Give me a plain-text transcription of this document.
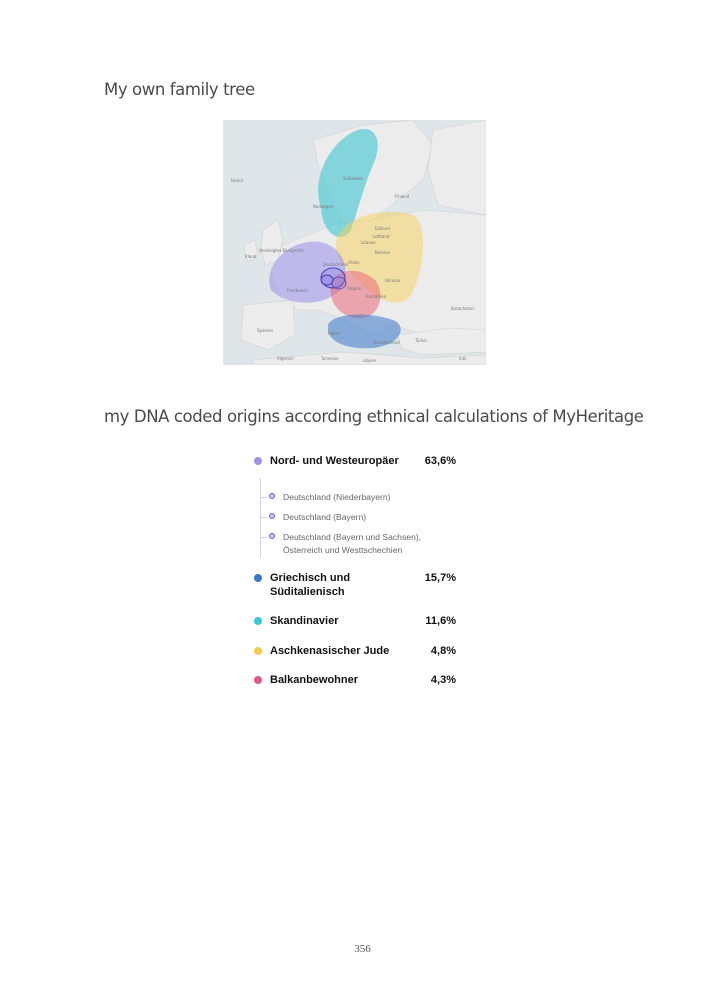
My own family tree
Finland
Norwegen
Schweden
Estland
Lettland
Litauen
Belarus
Polen
Ukraine
Deutschland
Vereinigtes Königreich
Irland
Frankreich
Spanien
Italien
Rumänien
Ungarn
Kasachstan
Türkei
Griechenland
Tunesien
Algerien	Libyen	Irak
Island
my DNA coded origins according ethnical calculations of MyHeritage
Nord- und Westeuropäer	63,6%
Deutschland (Niederbayern)
Deutschland (Bayern)
Deutschland (Bayern und Sachsen), Österreich und Westtschechien
Griechisch und Süditalienisch
15,7%
Skandinavier	11,6%
Aschkenasischer Jude	4,8%
Balkanbewohner	4,3%
356
